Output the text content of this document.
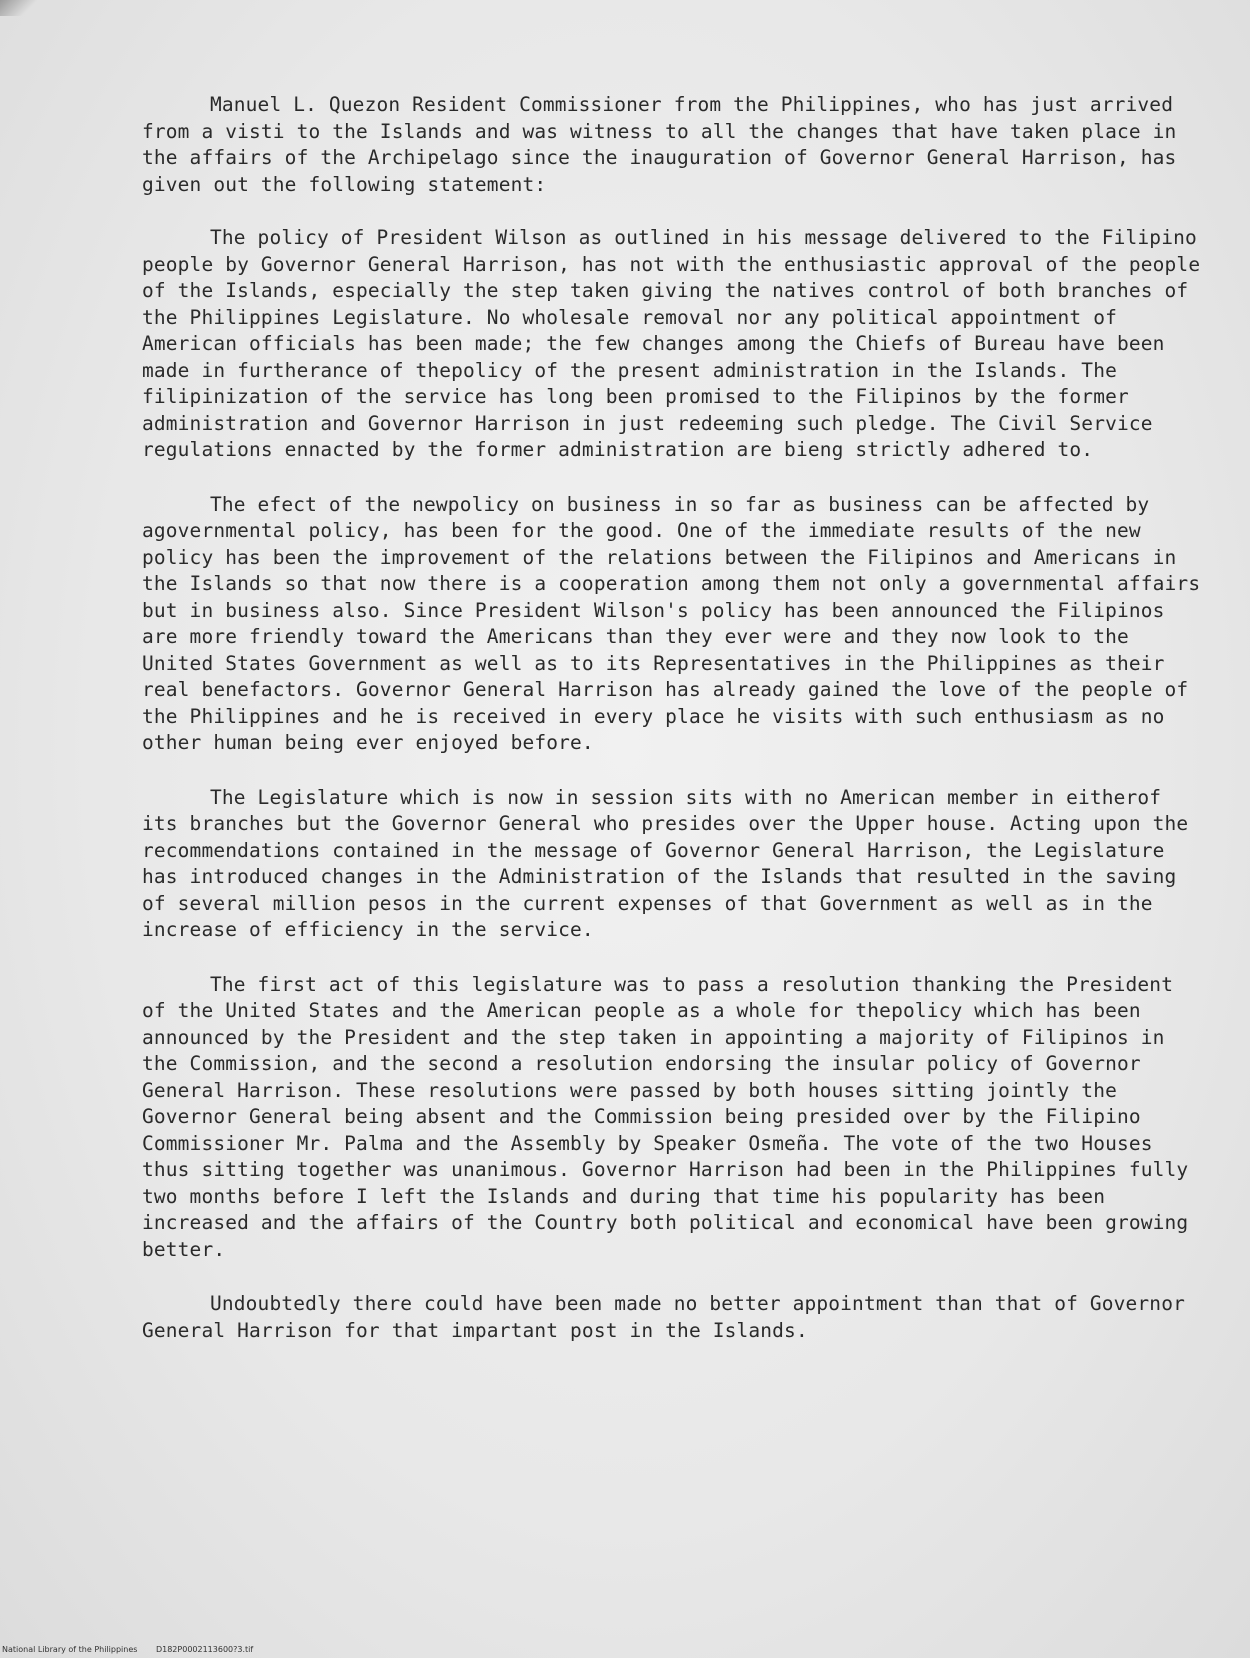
Manuel L. Quezon Resident Commissioner from the Philippines, who has just arrived from a visti to the Islands and was witness to all the changes that have taken place in the affairs of the Archipelago since the inauguration of Governor General Harrison, has given out the following statement:

The policy of President Wilson as outlined in his message delivered to the Filipino people by Governor General Harrison, has not with the enthusiastic approval of the people of the Islands, especially the step taken giving the natives control of both branches of the Philippines Legislature. No wholesale removal nor any political appointment of American officials has been made; the few changes among the Chiefs of Bureau have been made in furtherance of thepolicy of the present administration in the Islands. The filipinization of the service has long been promised to the Filipinos by the former administration and Governor Harrison in just redeeming such pledge. The Civil Service regulations ennacted by the former administration are bieng strictly adhered to.

The efect of the newpolicy on business in so far as business can be affected by agovernmental policy, has been for the good. One of the immediate results of the new policy has been the improvement of the relations between the Filipinos and Americans in the Islands so that now there is a cooperation among them not only a governmental affairs but in business also. Since President Wilson's policy has been announced the Filipinos are more friendly toward the Americans than they ever were and they now look to the United States Government as well as to its Representatives in the Philippines as their real benefactors. Governor General Harrison has already gained the love of the people of the Philippines and he is received in every place he visits with such enthusiasm as no other human being ever enjoyed before.

The Legislature which is now in session sits with no American member in eitherof its branches but the Governor General who presides over the Upper house. Acting upon the recommendations contained in the message of Governor General Harrison, the Legislature has introduced changes in the Administration of the Islands that resulted in the saving of several million pesos in the current expenses of that Government as well as in the increase of efficiency in the service.

The first act of this legislature was to pass a resolution thanking the President of the United States and the American people as a whole for thepolicy which has been announced by the President and the step taken in appointing a majority of Filipinos in the Commission, and the second a resolution endorsing the insular policy of Governor General Harrison. These resolutions were passed by both houses sitting jointly the Governor General being absent and the Commission being presided over by the Filipino Commissioner Mr. Palma and the Assembly by Speaker Osmeña. The vote of the two Houses thus sitting together was unanimous. Governor Harrison had been in the Philippines fully two months before I left the Islands and during that time his popularity has been increased and the affairs of the Country both political and economical have been growing better.

Undoubtedly there could have been made no better appointment than that of Governor General Harrison for that impartant post in the Islands.

National Library of the Philippines D182P0002113600?3.tif
